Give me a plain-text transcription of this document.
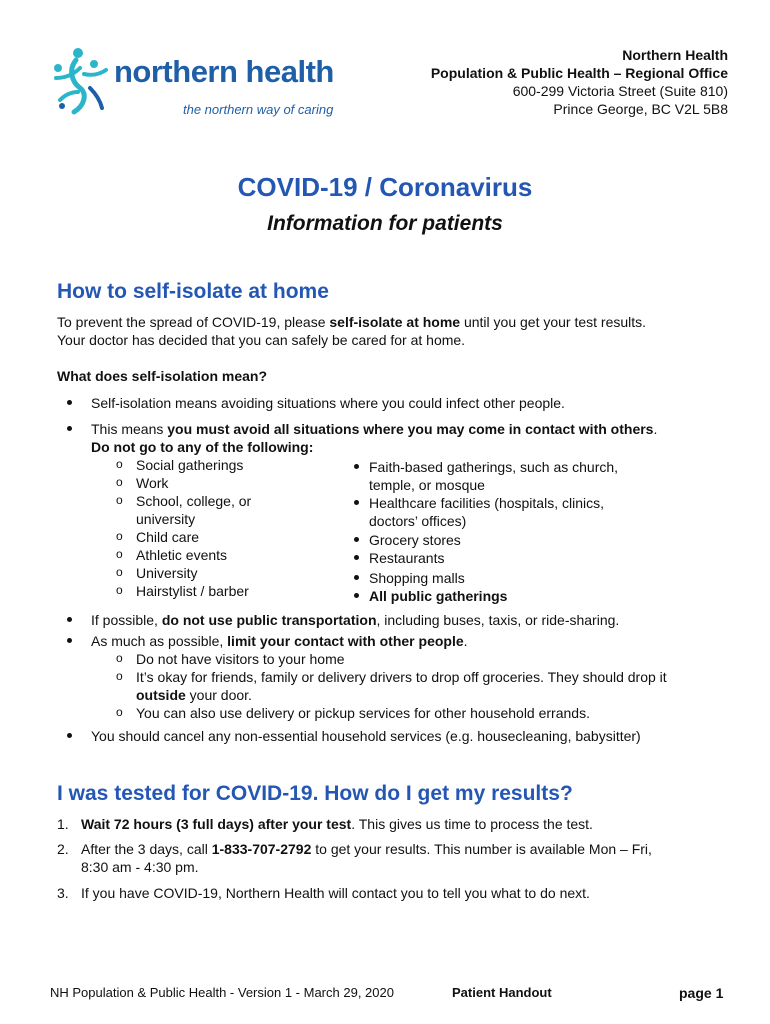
northern health
the northern way of caring
Northern Health
Population & Public Health – Regional Office
600-299 Victoria Street (Suite 810)
Prince George, BC V2L 5B8
COVID-19 / Coronavirus
Information for patients
How to self-isolate at home
To prevent the spread of COVID-19, please self-isolate at home until you get your test results.
Your doctor has decided that you can safely be cared for at home.
What does self-isolation mean?
Self-isolation means avoiding situations where you could infect other people.
This means you must avoid all situations where you may come in contact with others.
Do not go to any of the following:
o Social gatherings
o Work
o School, college, or
university
o Child care
o Athletic events
o University
o Hairstylist / barber
Faith-based gatherings, such as church,
temple, or mosque
Healthcare facilities (hospitals, clinics,
doctors’ offices)
Grocery stores
Restaurants
Shopping malls
All public gatherings
If possible, do not use public transportation, including buses, taxis, or ride-sharing.
As much as possible, limit your contact with other people.
o Do not have visitors to your home
o It’s okay for friends, family or delivery drivers to drop off groceries. They should drop it
outside your door.
o You can also use delivery or pickup services for other household errands.
You should cancel any non-essential household services (e.g. housecleaning, babysitter)
I was tested for COVID-19. How do I get my results?
1. Wait 72 hours (3 full days) after your test. This gives us time to process the test.
2. After the 3 days, call 1-833-707-2792 to get your results. This number is available Mon – Fri,
8:30 am - 4:30 pm.
3. If you have COVID-19, Northern Health will contact you to tell you what to do next.
NH Population & Public Health - Version 1 - March 29, 2020	Patient Handout	page 1
